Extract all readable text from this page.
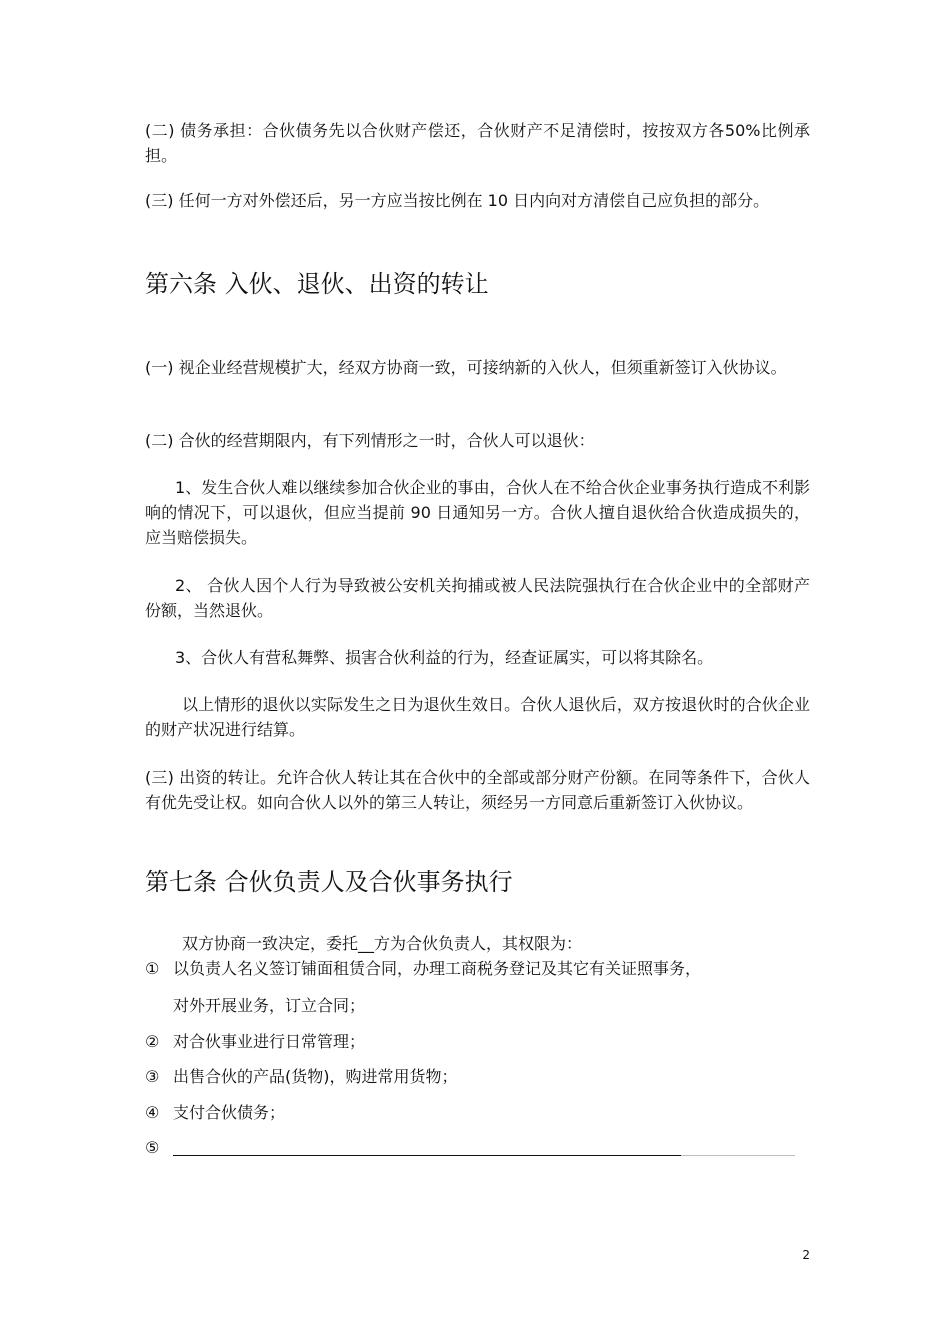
(二) 债务承担：合伙债务先以合伙财产偿还，合伙财产不足清偿时，按按双方各50%比例承担。

(三) 任何一方对外偿还后，另一方应当按比例在 10 日内向对方清偿自己应负担的部分。

第六条 入伙、退伙、出资的转让

(一) 视企业经营规模扩大，经双方协商一致，可接纳新的入伙人，但须重新签订入伙协议。

(二) 合伙的经营期限内，有下列情形之一时，合伙人可以退伙：

1、发生合伙人难以继续参加合伙企业的事由，合伙人在不给合伙企业事务执行造成不利影响的情况下，可以退伙，但应当提前 90 日通知另一方。合伙人擅自退伙给合伙造成损失的，应当赔偿损失。

2、 合伙人因个人行为导致被公安机关拘捕或被人民法院强执行在合伙企业中的全部财产份额，当然退伙。

3、合伙人有营私舞弊、损害合伙利益的行为，经查证属实，可以将其除名。

以上情形的退伙以实际发生之日为退伙生效日。合伙人退伙后，双方按退伙时的合伙企业的财产状况进行结算。

(三) 出资的转让。允许合伙人转让其在合伙中的全部或部分财产份额。在同等条件下，合伙人有优先受让权。如向合伙人以外的第三人转让，须经另一方同意后重新签订入伙协议。

第七条 合伙负责人及合伙事务执行

双方协商一致决定，委托__方为合伙负责人，其权限为：

① 以负责人名义签订铺面租赁合同，办理工商税务登记及其它有关证照事务，
对外开展业务，订立合同；
② 对合伙事业进行日常管理；
③ 出售合伙的产品(货物)，购进常用货物；
④ 支付合伙债务；
⑤
2
